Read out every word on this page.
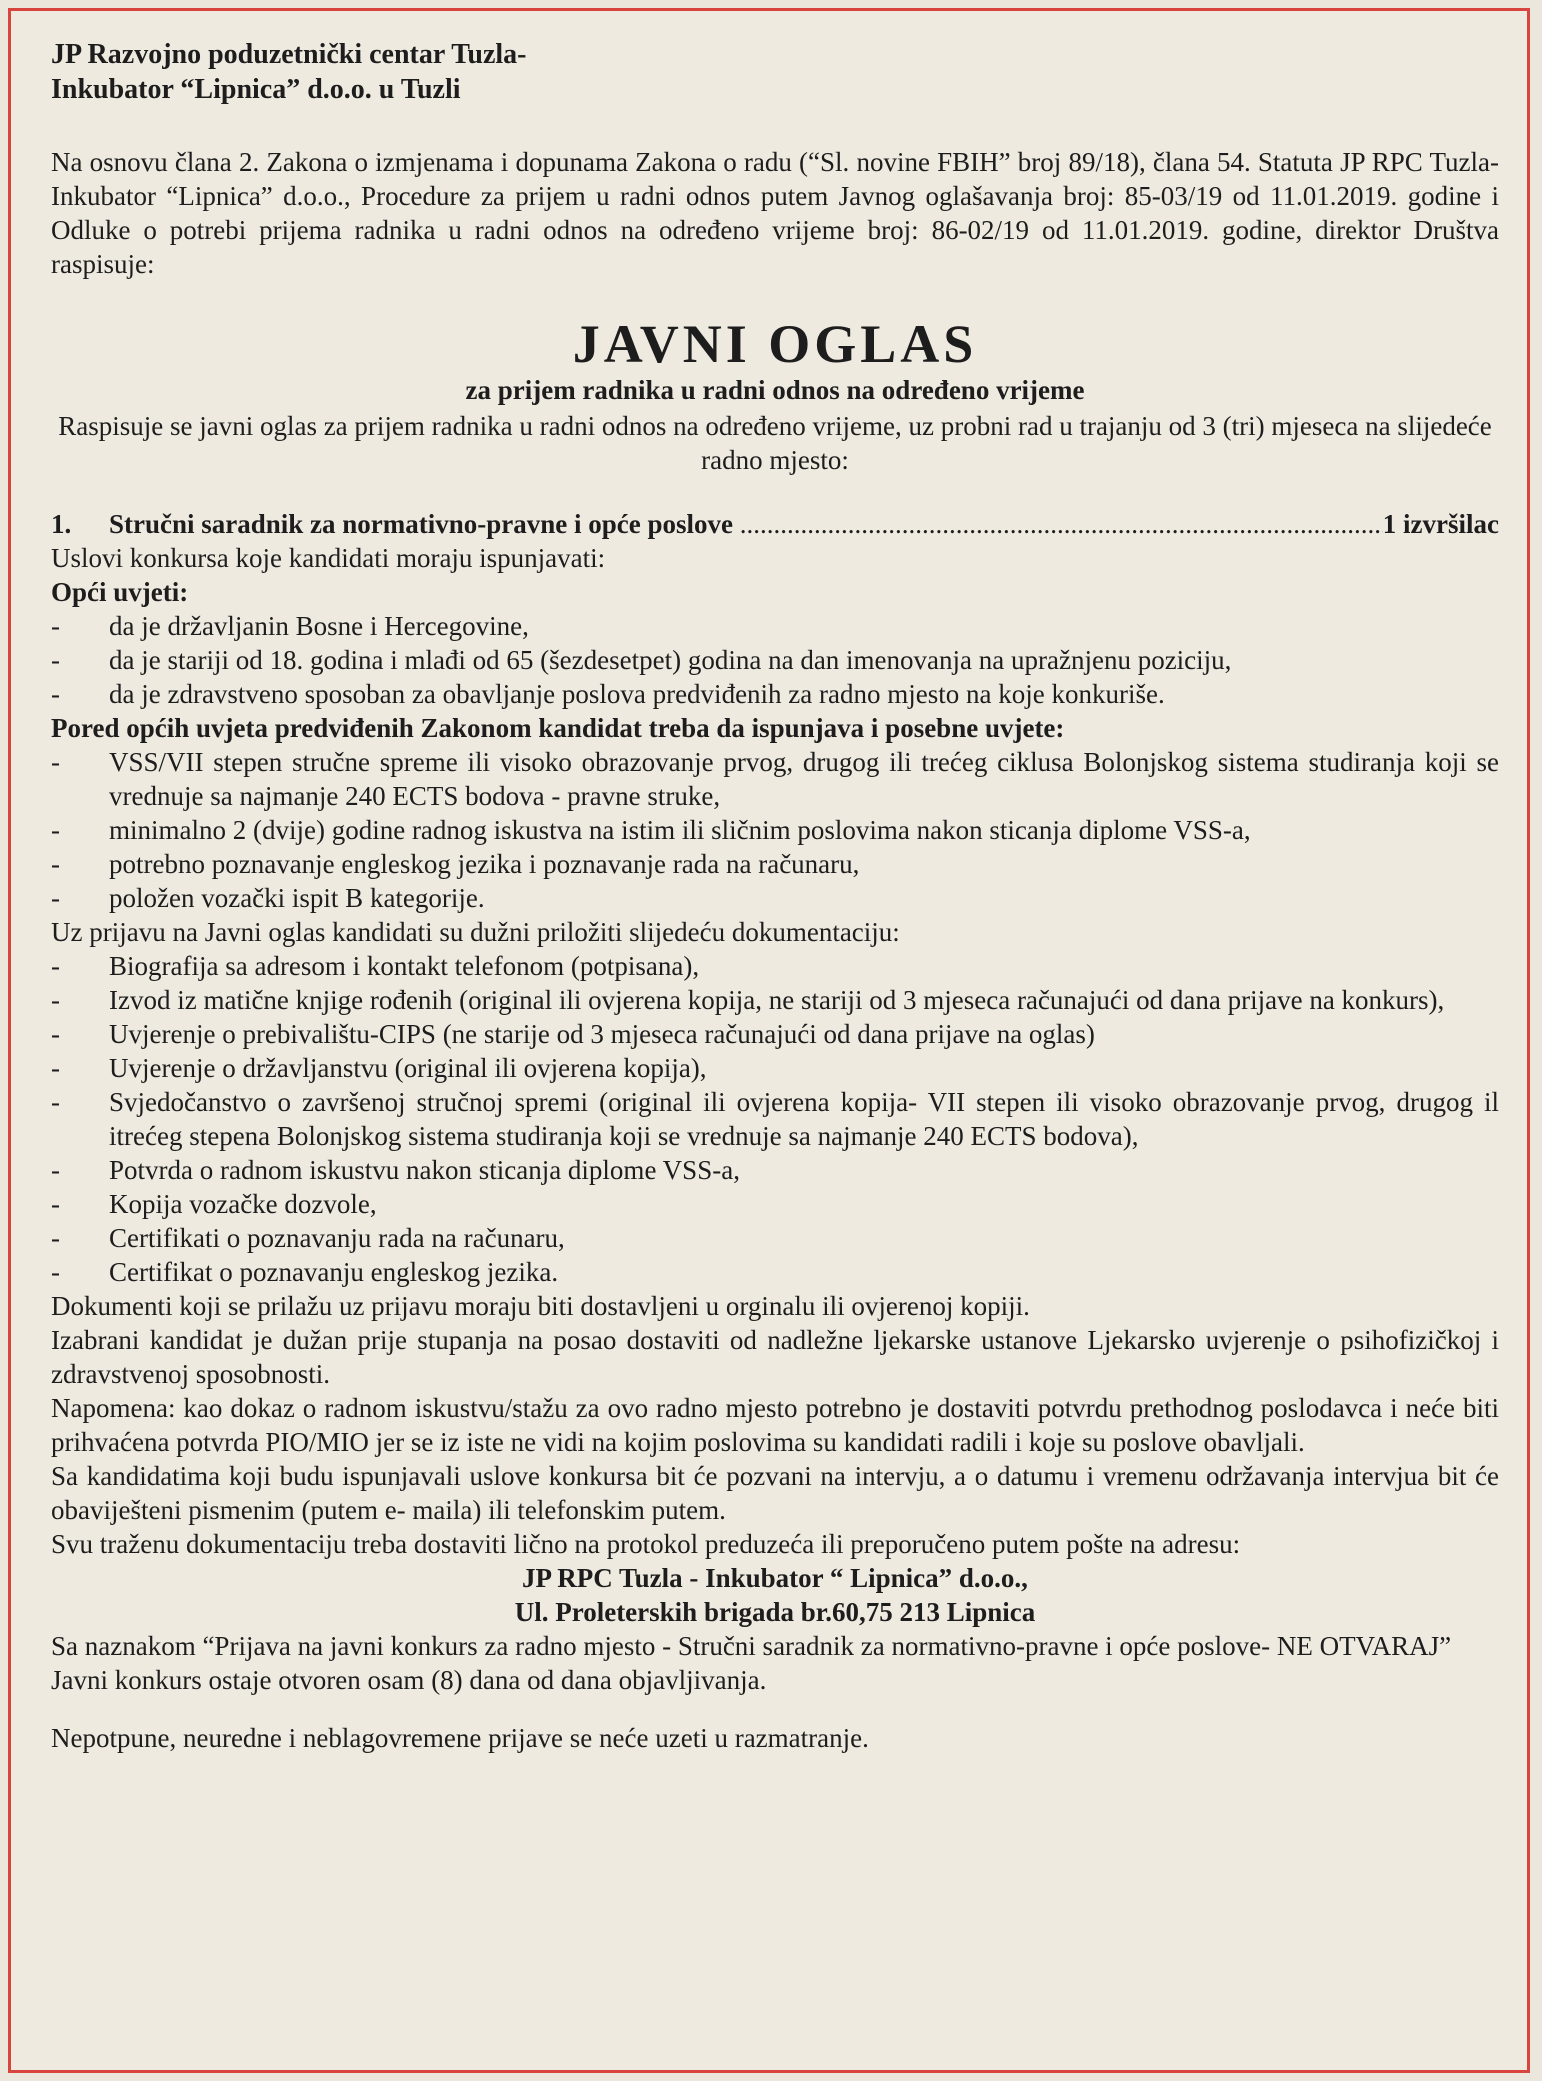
JP Razvojno poduzetnički centar Tuzla-
Inkubator “Lipnica” d.o.o. u Tuzli

Na osnovu člana 2. Zakona o izmjenama i dopunama Zakona o radu (“Sl. novine FBIH” broj 89/18), člana 54. Statuta JP RPC Tuzla-Inkubator “Lipnica” d.o.o., Procedure za prijem u radni odnos putem Javnog oglašavanja broj: 85-03/19 od 11.01.2019. godine i Odluke o potrebi prijema radnika u radni odnos na određeno vrijeme broj: 86-02/19 od 11.01.2019. godine, direktor Društva raspisuje:

JAVNI OGLAS
za prijem radnika u radni odnos na određeno vrijeme
Raspisuje se javni oglas za prijem radnika u radni odnos na određeno vrijeme, uz probni rad u trajanju od 3 (tri) mjeseca na slijedeće radno mjesto:
1.	Stručni saradnik za normativno-pravne i opće poslove .....	1 izvršilac

Uslovi konkursa koje kandidati moraju ispunjavati:

Opći uvjeti:

-	da je državljanin Bosne i Hercegovine,
-	da je stariji od 18. godina i mlađi od 65 (šezdesetpet) godina na dan imenovanja na upražnjenu poziciju,
-	da je zdravstveno sposoban za obavljanje poslova predviđenih za radno mjesto na koje konkuriše.

Pored općih uvjeta predviđenih Zakonom kandidat treba da ispunjava i posebne uvjete:

-	VSS/VII stepen stručne spreme ili visoko obrazovanje prvog, drugog ili trećeg ciklusa Bolonjskog sistema studiranja koji se vrednuje sa najmanje 240 ECTS bodova - pravne struke,
-	minimalno 2 (dvije) godine radnog iskustva na istim ili sličnim poslovima nakon sticanja diplome VSS-a,
-	potrebno poznavanje engleskog jezika i poznavanje rada na računaru,
-	položen vozački ispit B kategorije.

Uz prijavu na Javni oglas kandidati su dužni priložiti slijedeću dokumentaciju:

-	Biografija sa adresom i kontakt telefonom (potpisana),
-	Izvod iz matične knjige rođenih (original ili ovjerena kopija, ne stariji od 3 mjeseca računajući od dana prijave na konkurs),
-	Uvjerenje o prebivalištu-CIPS (ne starije od 3 mjeseca računajući od dana prijave na oglas)
-	Uvjerenje o državljanstvu (original ili ovjerena kopija),
-	Svjedočanstvo o završenoj stručnoj spremi (original ili ovjerena kopija- VII stepen ili visoko obrazovanje prvog, drugog il itrećeg stepena Bolonjskog sistema studiranja koji se vrednuje sa najmanje 240 ECTS bodova),
-	Potvrda o radnom iskustvu nakon sticanja diplome VSS-a,
-	Kopija vozačke dozvole,
-	Certifikati o poznavanju rada na računaru,
-	Certifikat o poznavanju engleskog jezika.

Dokumenti koji se prilažu uz prijavu moraju biti dostavljeni u orginalu ili ovjerenoj kopiji.

Izabrani kandidat je dužan prije stupanja na posao dostaviti od nadležne ljekarske ustanove Ljekarsko uvjerenje o psihofizičkoj i zdravstvenoj sposobnosti.

Napomena: kao dokaz o radnom iskustvu/stažu za ovo radno mjesto potrebno je dostaviti potvrdu prethodnog poslodavca i neće biti prihvaćena potvrda PIO/MIO jer se iz iste ne vidi na kojim poslovima su kandidati radili i koje su poslove obavljali.

Sa kandidatima koji budu ispunjavali uslove konkursa bit će pozvani na intervju, a o datumu i vremenu održavanja intervjua bit će obaviješteni pismenim (putem e- maila) ili telefonskim putem.

Svu traženu dokumentaciju treba dostaviti lično na protokol preduzeća ili preporučeno putem pošte na adresu:

JP RPC Tuzla - Inkubator “ Lipnica” d.o.o.,
Ul. Proleterskih brigada br.60,75 213 Lipnica

Sa naznakom “Prijava na javni konkurs za radno mjesto - Stručni saradnik za normativno-pravne i opće poslove- NE OTVARAJ”

Javni konkurs ostaje otvoren osam (8) dana od dana objavljivanja.

Nepotpune, neuredne i neblagovremene prijave se neće uzeti u razmatranje.
